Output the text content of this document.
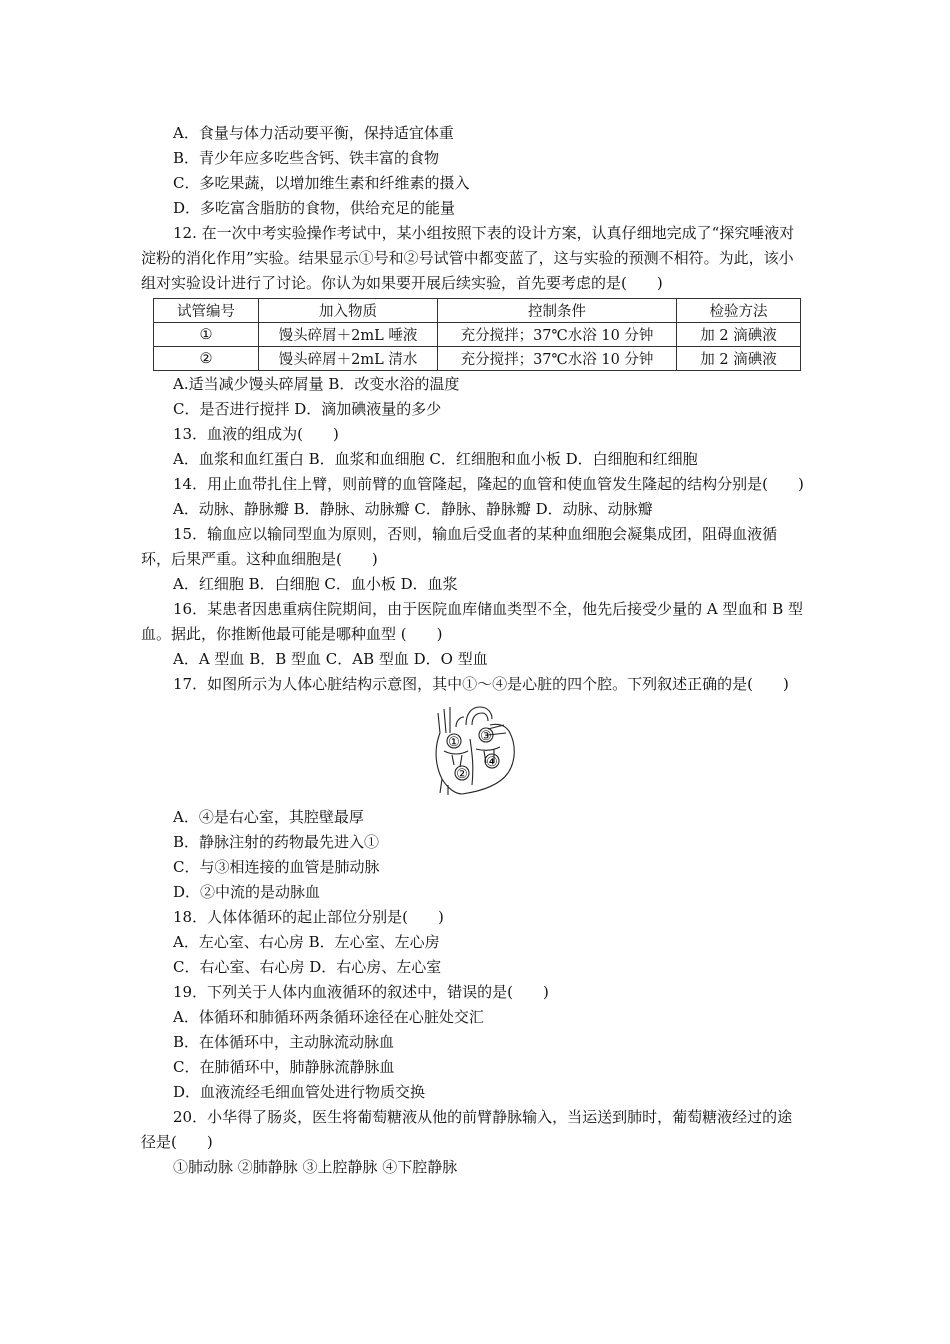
A．食量与体力活动要平衡，保持适宜体重
B．青少年应多吃些含钙、铁丰富的食物
C．多吃果蔬，以增加维生素和纤维素的摄入
D．多吃富含脂肪的食物，供给充足的能量
12. 在一次中考实验操作考试中，某小组按照下表的设计方案，认真仔细地完成了“探究唾液对淀粉的消化作用”实验。结果显示①号和②号试管中都变蓝了，这与实验的预测不相符。为此，该小组对实验设计进行了讨论。你认为如果要开展后续实验，首先要考虑的是(　　)
试管编号	加入物质	控制条件	检验方法
①	馒头碎屑＋2mL 唾液	充分搅拌；37℃水浴 10 分钟	加 2 滴碘液
②	馒头碎屑＋2mL 清水	充分搅拌；37℃水浴 10 分钟	加 2 滴碘液
A.适当减少馒头碎屑量 B．改变水浴的温度
C．是否进行搅拌 D．滴加碘液量的多少
13．血液的组成为(　　)
A．血浆和血红蛋白 B．血浆和血细胞 C．红细胞和血小板 D．白细胞和红细胞
14．用止血带扎住上臂，则前臂的血管隆起，隆起的血管和使血管发生隆起的结构分别是(　　)
A．动脉、静脉瓣 B．静脉、动脉瓣 C．静脉、静脉瓣 D．动脉、动脉瓣
15．输血应以输同型血为原则，否则，输血后受血者的某种血细胞会凝集成团，阻碍血液循环，后果严重。这种血细胞是(　　)
A．红细胞 B．白细胞 C．血小板 D．血浆
16．某患者因患重病住院期间，由于医院血库储血类型不全，他先后接受少量的 A 型血和 B 型血。据此，你推断他最可能是哪种血型 (　　)
A．A 型血 B．B 型血 C．AB 型血 D．O 型血
17．如图所示为人体心脏结构示意图，其中①～④是心脏的四个腔。下列叙述正确的是(　　)
①
②
③
④
A．④是右心室，其腔壁最厚
B．静脉注射的药物最先进入①
C．与③相连接的血管是肺动脉
D．②中流的是动脉血
18．人体体循环的起止部位分别是(　　)
A．左心室、右心房 B．左心室、左心房
C．右心室、右心房 D．右心房、左心室
19．下列关于人体内血液循环的叙述中，错误的是(　　)
A．体循环和肺循环两条循环途径在心脏处交汇
B．在体循环中，主动脉流动脉血
C．在肺循环中，肺静脉流静脉血
D．血液流经毛细血管处进行物质交换
20．小华得了肠炎，医生将葡萄糖液从他的前臂静脉输入，当运送到肺时，葡萄糖液经过的途径是(　　)
①肺动脉 ②肺静脉 ③上腔静脉 ④下腔静脉
